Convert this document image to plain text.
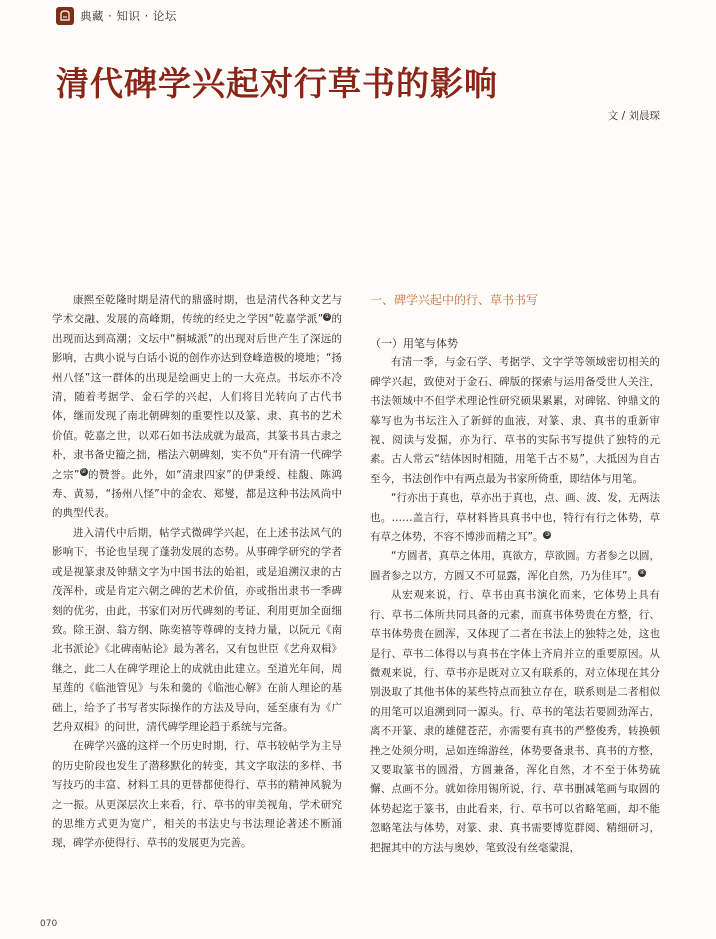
典藏 · 知识 · 论坛
清代碑学兴起对行草书的影响
文 / 刘晨琛

康熙至乾隆时期是清代的鼎盛时期，也是清代各种文艺与学术交融、发展的高峰期，传统的经史之学因“乾嘉学派”①的出现而达到高潮；文坛中“桐城派”的出现对后世产生了深远的影响，古典小说与白话小说的创作亦达到登峰造极的境地；“扬州八怪”这一群体的出现是绘画史上的一大亮点。书坛亦不冷清，随着考据学、金石学的兴起，人们将目光转向了古代书体，继而发现了南北朝碑刻的重要性以及篆、隶、真书的艺术价值。乾嘉之世，以邓石如书法成就为最高，其篆书具古隶之朴，隶书备史籀之拙，楷法六朝碑刻，实不负“开有清一代碑学之宗”②的赞誉。此外，如“清隶四家”的伊秉绶、桂馥、陈鸿寿、黄易，“扬州八怪”中的金农、郑燮，都是这种书法风尚中的典型代表。

进入清代中后期，帖学式微碑学兴起，在上述书法风气的影响下，书论也呈现了蓬勃发展的态势。从事碑学研究的学者或是视篆隶及钟鼎文字为中国书法的始祖，或是追溯汉隶的古茂浑朴，或是肯定六朝之碑的艺术价值，亦或指出隶书一季碑刻的优劣，由此，书家们对历代碑刻的考证、利用更加全面细致。除王澍、翁方纲、陈奕禧等尊碑的支持力量，以阮元《南北书派论》《北碑南帖论》最为著名，又有包世臣《艺舟双楫》继之，此二人在碑学理论上的成就由此建立。至道光年间，周星莲的《临池管见》与朱和羹的《临池心解》在前人理论的基础上，给予了书写者实际操作的方法及导向，延至康有为《广艺舟双楫》的问世，清代碑学理论趋于系统与完备。

在碑学兴盛的这样一个历史时期，行、草书较帖学为主导的历史阶段也发生了潜移默化的转变，其文字取法的多样、书写技巧的丰富、材料工具的更替都使得行、草书的精神风貌为之一振。从更深层次上来看，行、草书的审美视角，学术研究的思维方式更为宽广，相关的书法史与书法理论著述不断涌现，碑学亦使得行、草书的发展更为完善。

一、碑学兴起中的行、草书书写
（一）用笔与体势

有清一季，与金石学、考据学、文字学等领域密切相关的碑学兴起，致使对于金石、碑版的探索与运用备受世人关注，书法领域中不但学术理论性研究硕果累累，对碑铭、钟鼎文的摹写也为书坛注入了新鲜的血液，对篆、隶、真书的重新审视、阅读与发掘，亦为行、草书的实际书写提供了独特的元素。古人常云“结体因时相随，用笔千古不易”，大抵因为自古至今，书法创作中有两点最为书家所倚重，即结体与用笔。

“行亦出于真也，草亦出于真也，点、画、波、发，无两法也。……盖言行，草材料皆具真书中也，特行有行之体势，草有草之体势，不容不博涉而精之耳”。③

“方圆者，真草之体用，真欲方，草欲圆。方者参之以圆，圆者参之以方，方圆又不可显露，浑化自然，乃为佳耳”。④

从宏观来说，行、草书由真书演化而来，它体势上具有行、草书二体所共同具备的元素，而真书体势贵在方整，行、草书体势贵在圆浑，又体现了二者在书法上的独特之处，这也是行、草书二体得以与真书在字体上齐肩并立的重要原因。从微观来说，行、草书亦是既对立又有联系的，对立体现在其分别汲取了其他书体的某些特点而独立存在，联系则是二者相似的用笔可以追溯到同一源头。行、草书的笔法若要圆劲浑古，离不开篆、隶的雄健苍茫，亦需要有真书的严整俊秀，转换顿挫之处须分明，忌如连绵游丝，体势要备隶书、真书的方整，又要取篆书的圆滑，方圆兼备，浑化自然，才不至于体势硫懈、点画不分。就如徐用锡所说，行、草书删减笔画与取圆的体势起迄于篆书，由此看来，行、草书可以省略笔画，却不能忽略笔法与体势，对篆、隶、真书需要博览群阅、精细研习，把握其中的方法与奥妙，笔致没有丝毫蒙混，

070
